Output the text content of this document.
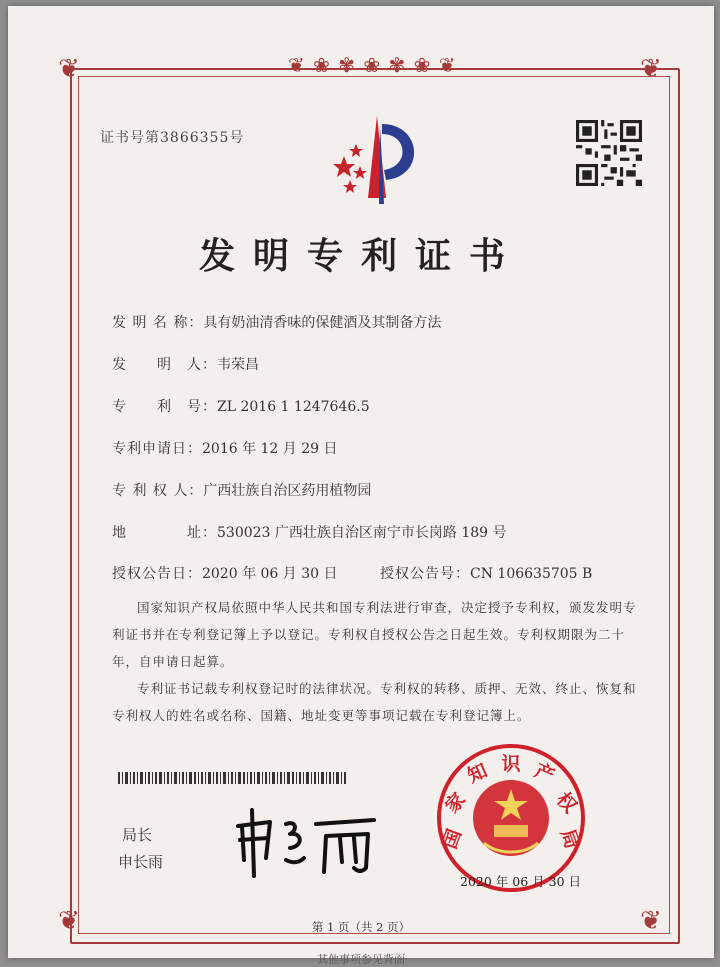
❦ ❀ ✾ ❀ ✾ ❀ ❦
❦	❦
❦	❦
证书号第3866355号
发明专利证书
发 明 名 称：具有奶油清香味的保健酒及其制备方法
发　　明　人：韦荣昌
专　　利　号：ZL 2016 1 1247646.5
专利申请日：2016 年 12 月 29 日
专 利 权 人：广西壮族自治区药用植物园
地　　　　址：530023 广西壮族自治区南宁市长岗路 189 号
授权公告日：2020 年 06 月 30 日	授权公告号：CN 106635705 B
国家知识产权局依照中华人民共和国专利法进行审查，决定授予专利权，颁发发明专利证书并在专利登记簿上予以登记。专利权自授权公告之日起生效。专利权期限为二十年，自申请日起算。
专利证书记载专利权登记时的法律状况。专利权的转移、质押、无效、终止、恢复和专利权人的姓名或名称、国籍、地址变更等事项记载在专利登记簿上。
局长
申长雨
国
家
知 识 产
权
局
2020 年 06 月 30 日
第 1 页（共 2 页）
其他事项参见背面
